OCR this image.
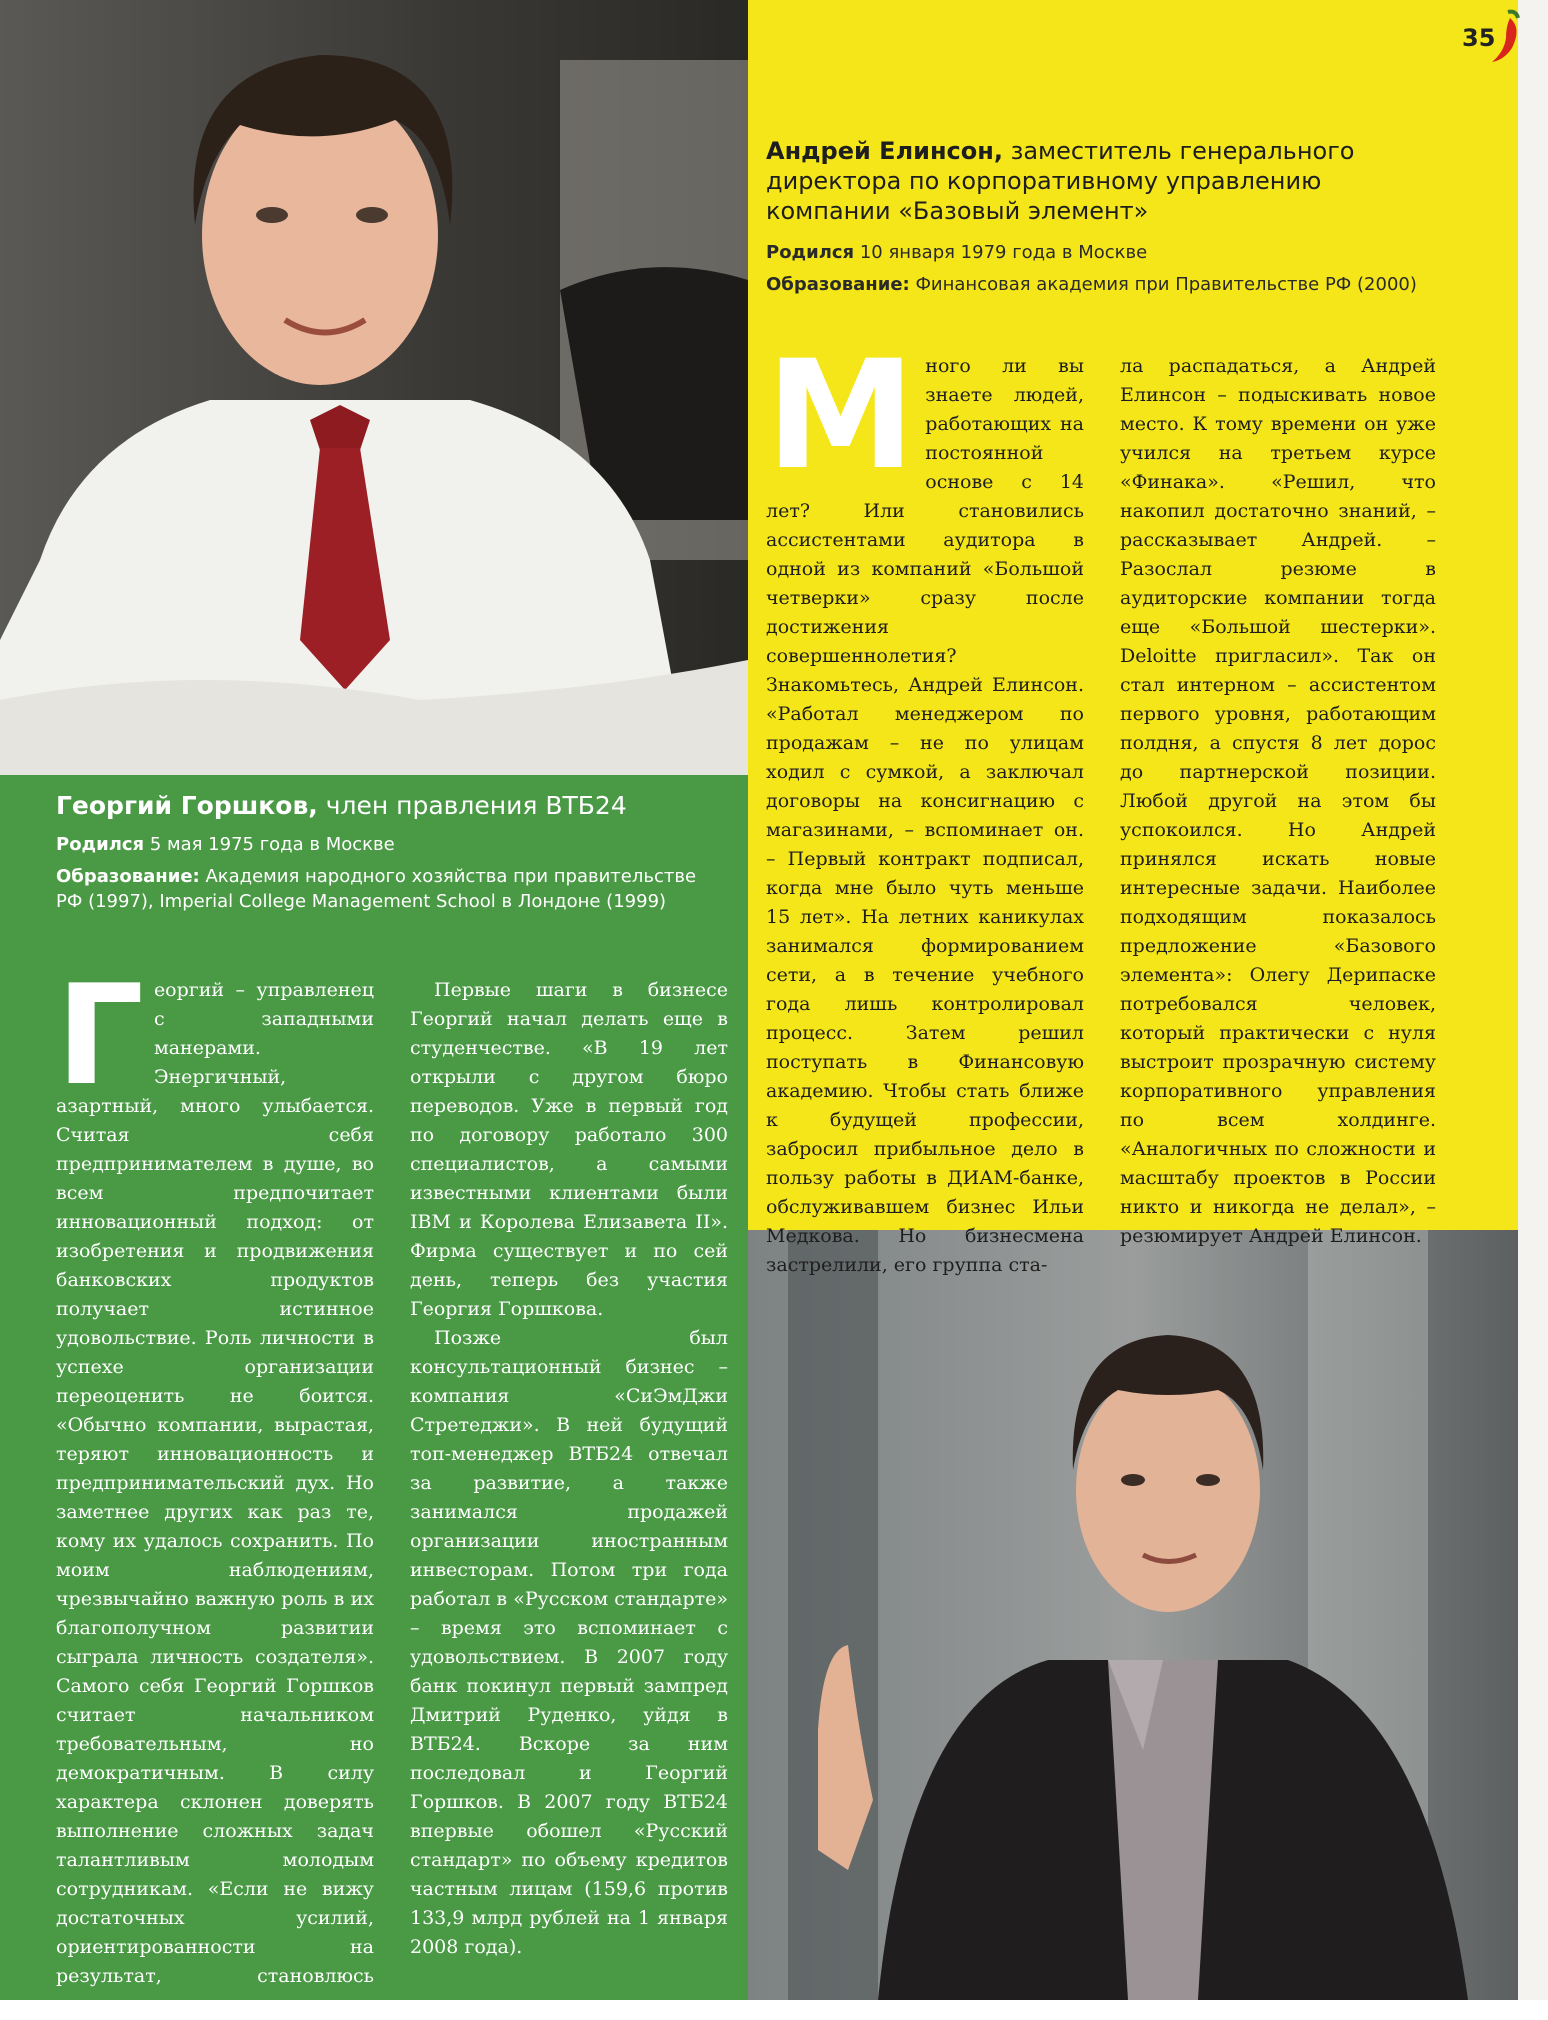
35
Георгий Горшков, член правления ВТБ24

Родился 5 мая 1975 года в Москве

Образование: Академия народного хозяйства при правительстве РФ (1997), Imperial College Management School в Лондоне (1999)

Георгий – управленец с западными манерами. Энергичный, азартный, много улыбается. Считая себя предпринимателем в душе, во всем предпочитает инновационный подход: от изобретения и продвижения банковских продуктов получает истинное удовольствие. Роль личности в успехе организации переоценить не боится. «Обычно компании, вырастая, теряют инновационность и предпринимательский дух. Но заметнее других как раз те, кому их удалось сохранить. По моим наблюдениям, чрезвычайно важную роль в их благополучном развитии сыграла личность создателя». Самого себя Георгий Горшков считает начальником требовательным, но демократичным. В силу характера склонен доверять выполнение сложных задач талантливым молодым сотрудникам. «Если не вижу достаточных усилий, ориентированности на результат, становлюсь тираном».

Первые шаги в бизнесе Георгий начал делать еще в студенчестве. «В 19 лет открыли с другом бюро переводов. Уже в первый год по договору работало 300 специалистов, а самыми известными клиентами были IBM и Королева Елизавета II». Фирма существует и по сей день, теперь без участия Георгия Горшкова.

Позже был консультационный бизнес – компания «СиЭмДжи Стретеджи». В ней будущий топ-менеджер ВТБ24 отвечал за развитие, а также занимался продажей организации иностранным инвесторам. Потом три года работал в «Русском стандарте» – время это вспоминает с удовольствием. В 2007 году банк покинул первый зампред Дмитрий Руденко, уйдя в ВТБ24. Вскоре за ним последовал и Георгий Горшков. В 2007 году ВТБ24 впервые обошел «Русский стандарт» по объему кредитов частным лицам (159,6 против 133,9 млрд рублей на 1 января 2008 года).

Андрей Елинсон, заместитель генерального директора по корпоративному управлению компании «Базовый элемент»

Родился 10 января 1979 года в Москве

Образование: Финансовая академия при Правительстве РФ (2000)

Много ли вы знаете людей, работающих на постоянной основе с 14 лет? Или становились ассистентами аудитора в одной из компаний «Большой четверки» сразу после достижения совершеннолетия? Знакомьтесь, Андрей Елинсон. «Работал менеджером по продажам – не по улицам ходил с сумкой, а заключал договоры на консигнацию с магазинами, – вспоминает он. – Первый контракт подписал, когда мне было чуть меньше 15 лет». На летних каникулах занимался формированием сети, а в течение учебного года лишь контролировал процесс. Затем решил поступать в Финансовую академию. Чтобы стать ближе к будущей профессии, забросил прибыльное дело в пользу работы в ДИАМ-банке, обслуживавшем бизнес Ильи Медкова. Но бизнесмена застрелили, его группа ста-

ла распадаться, а Андрей Елинсон – подыскивать новое место. К тому времени он уже учился на третьем курсе «Финака». «Решил, что накопил достаточно знаний, – рассказывает Андрей. – Разослал резюме в аудиторские компании тогда еще «Большой шестерки». Deloitte пригласил». Так он стал интерном – ассистентом первого уровня, работающим полдня, а спустя 8 лет дорос до партнерской позиции. Любой другой на этом бы успокоился. Но Андрей принялся искать новые интересные задачи. Наиболее подходящим показалось предложение «Базового элемента»: Олегу Дерипаске потребовался человек, который практически с нуля выстроит прозрачную систему корпоративного управления по всем холдинге. «Аналогичных по сложности и масштабу проектов в России никто и никогда не делал», – резюмирует Андрей Елинсон.
